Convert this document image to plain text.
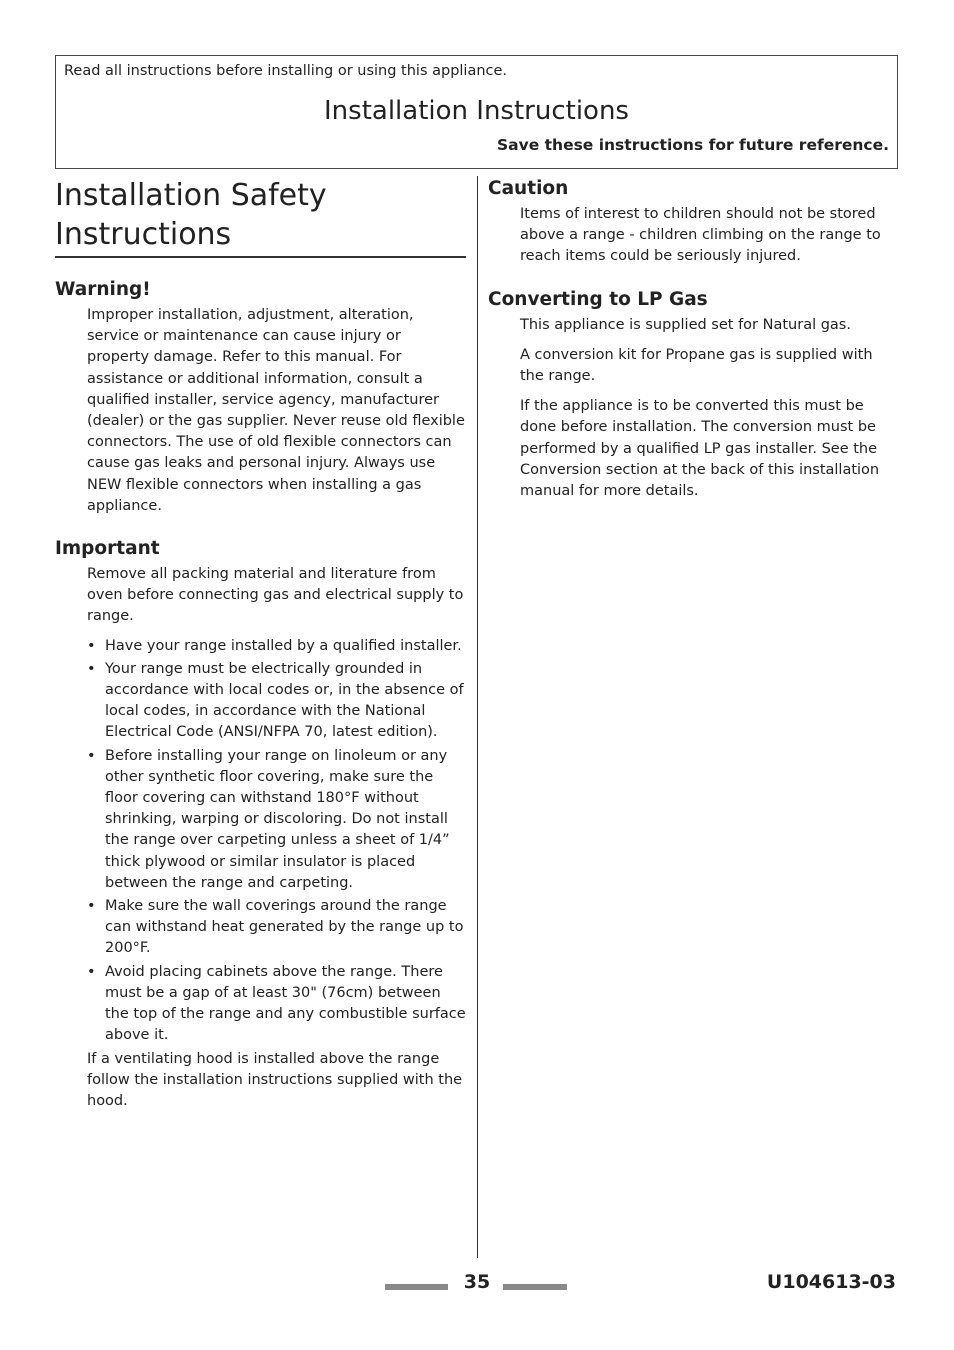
Read all instructions before installing or using this appliance.
Installation Instructions
Save these instructions for future reference.
Installation Safety Instructions
Warning!

Improper installation, adjustment, alteration, service or maintenance can cause injury or property damage. Refer to this manual. For assistance or additional information, consult a qualified installer, service agency, manufacturer (dealer) or the gas supplier. Never reuse old flexible connectors. The use of old flexible connectors can cause gas leaks and personal injury. Always use NEW flexible connectors when installing a gas appliance.

Important

Remove all packing material and literature from oven before connecting gas and electrical supply to range.

• Have your range installed by a qualified installer.
• Your range must be electrically grounded in accordance with local codes or, in the absence of local codes, in accordance with the National Electrical Code (ANSI/NFPA 70, latest edition).
• Before installing your range on linoleum or any other synthetic floor covering, make sure the floor covering can withstand 180°F without shrinking, warping or discoloring. Do not install the range over carpeting unless a sheet of 1/4” thick plywood or similar insulator is placed between the range and carpeting.
• Make sure the wall coverings around the range can withstand heat generated by the range up to 200°F.
• Avoid placing cabinets above the range. There must be a gap of at least 30" (76cm) between the top of the range and any combustible surface above it.

If a ventilating hood is installed above the range follow the installation instructions supplied with the hood.

Caution

Items of interest to children should not be stored above a range - children climbing on the range to reach items could be seriously injured.

Converting to LP Gas

This appliance is supplied set for Natural gas.

A conversion kit for Propane gas is supplied with the range.

If the appliance is to be converted this must be done before installation. The conversion must be performed by a qualified LP gas installer. See the Conversion section at the back of this installation manual for more details.

35	U104613-03
